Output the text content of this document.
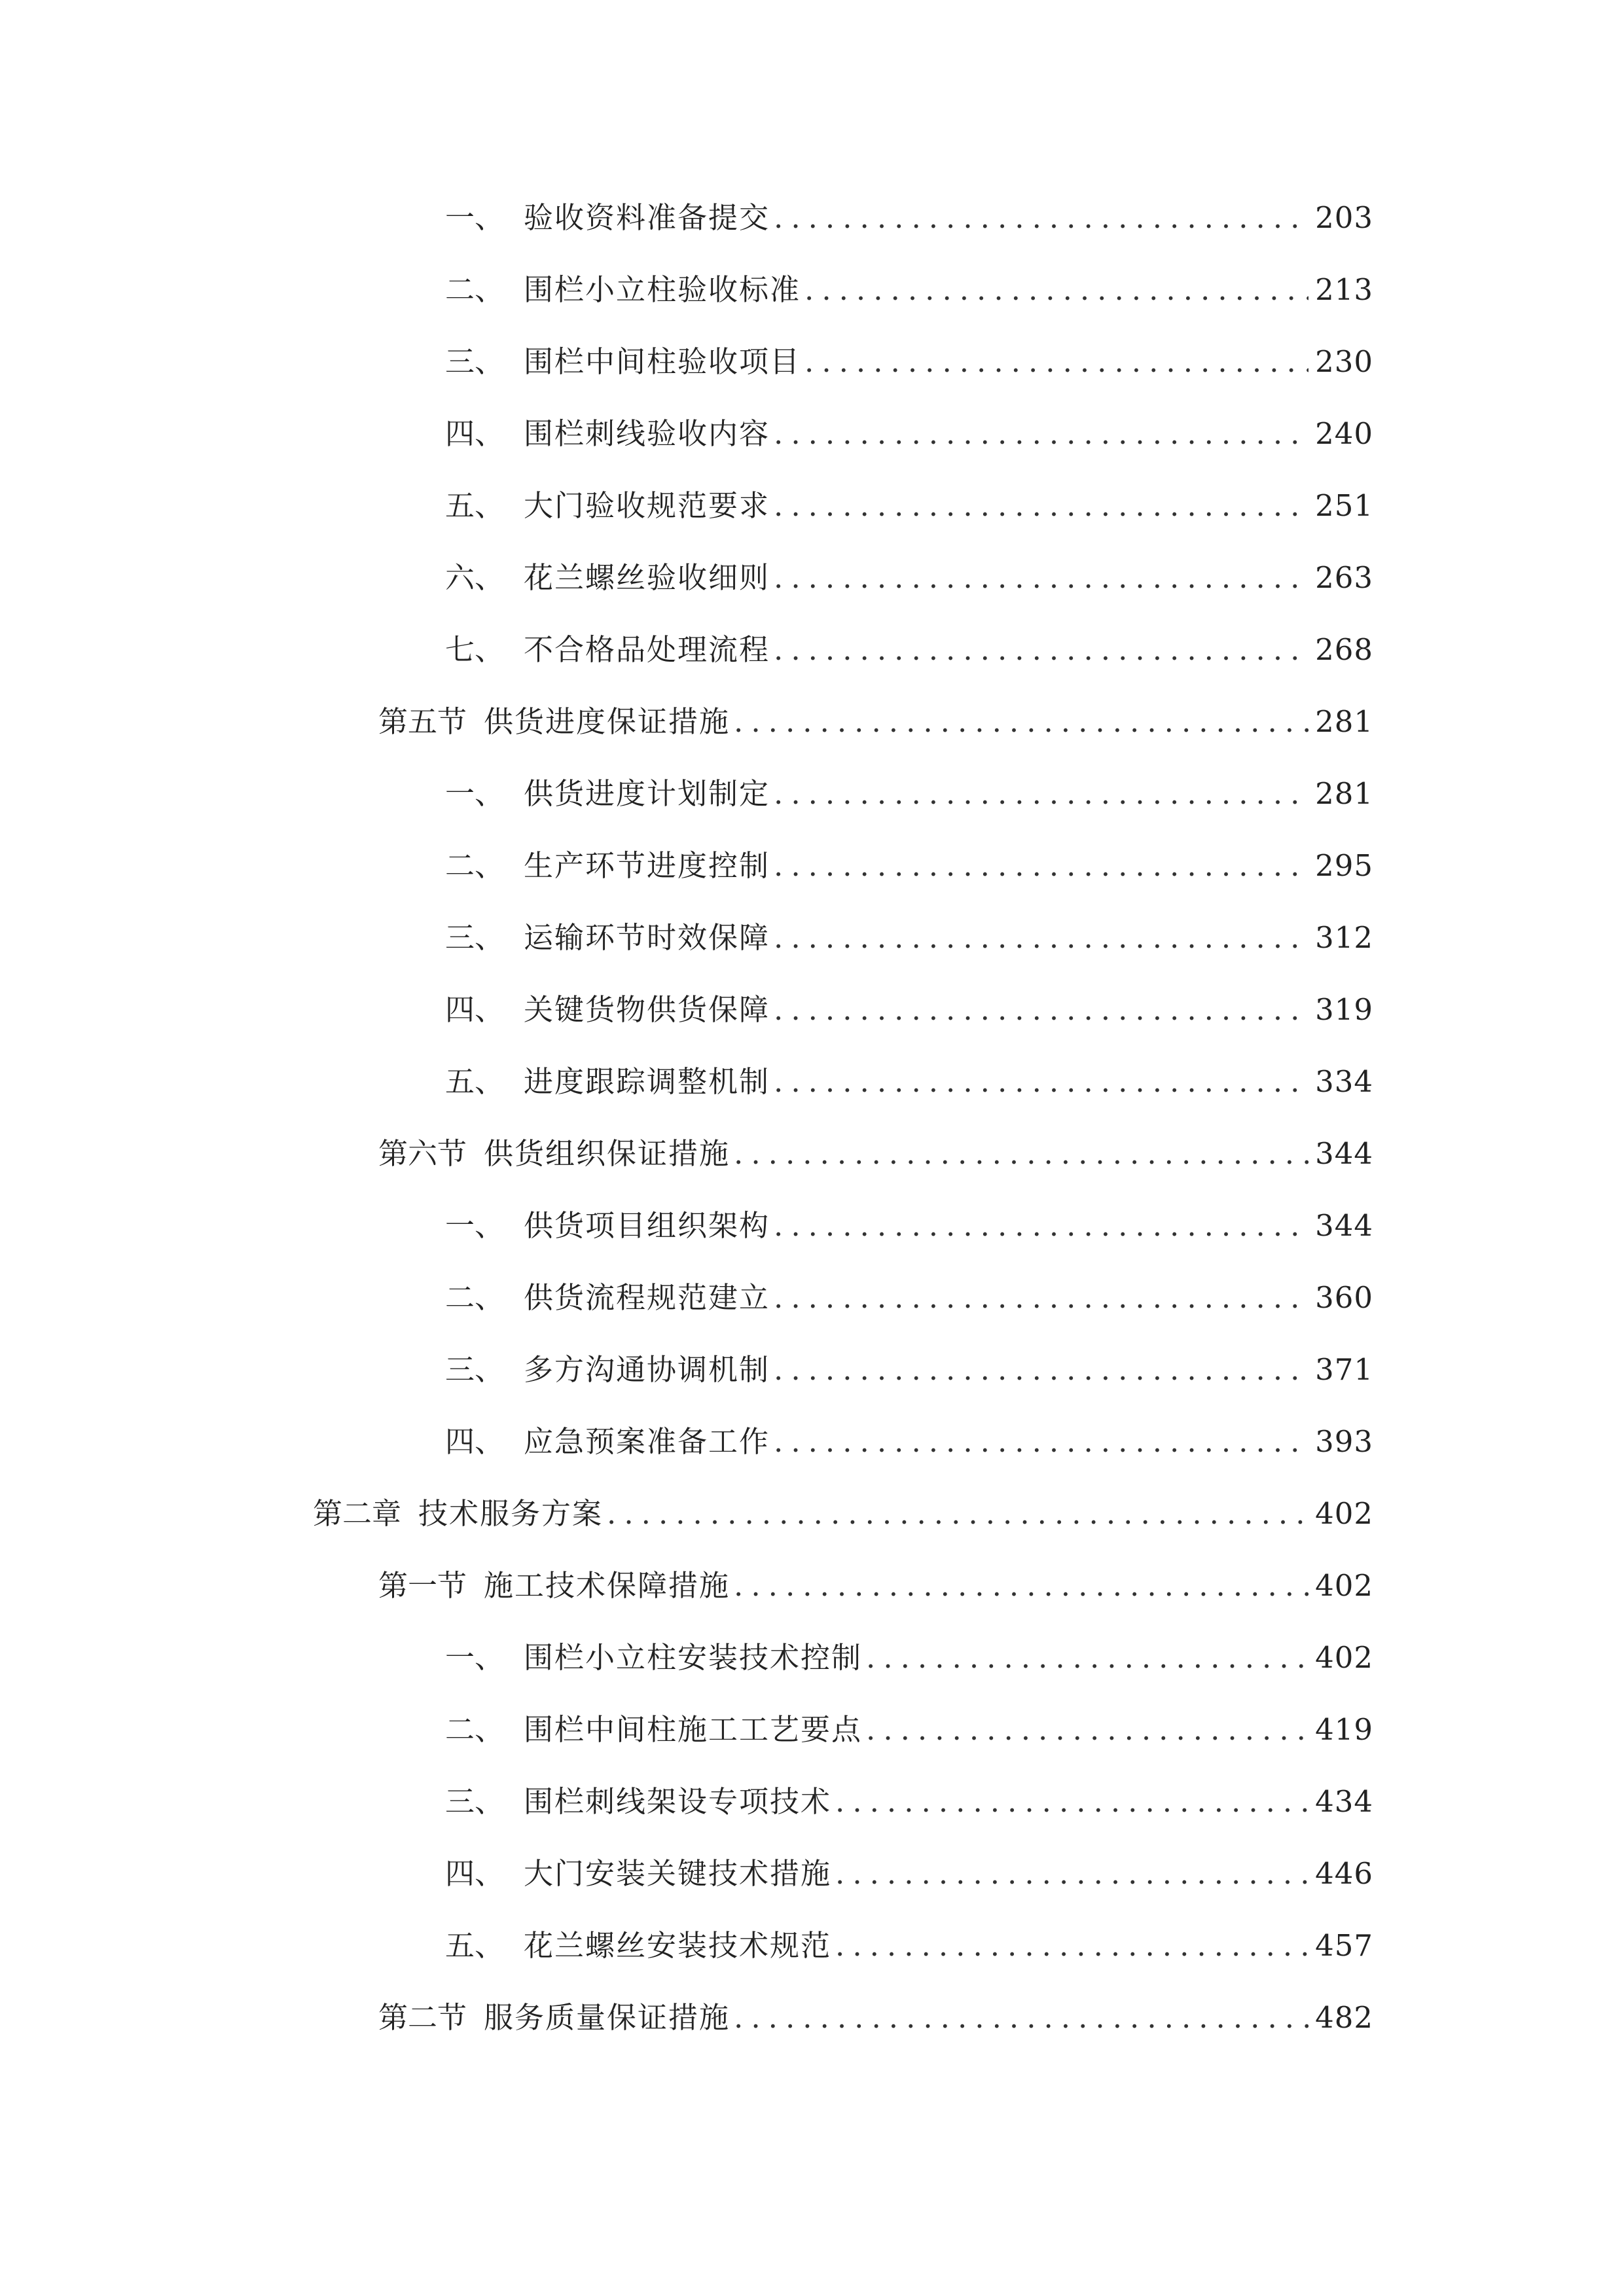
一、 验收资料准备提交 .....	203
二、 围栏小立柱验收标准 .....	213
三、 围栏中间柱验收项目 .....	230
四、 围栏刺线验收内容 .....	240
五、 大门验收规范要求 .....	251
六、 花兰螺丝验收细则 .....	263
七、 不合格品处理流程 .....	268
第五节 供货进度保证措施 .....	281
一、 供货进度计划制定 .....	281
二、 生产环节进度控制 .....	295
三、 运输环节时效保障 .....	312
四、 关键货物供货保障 .....	319
五、 进度跟踪调整机制 .....	334
第六节 供货组织保证措施 .....	344
一、 供货项目组织架构 .....	344
二、 供货流程规范建立 .....	360
三、 多方沟通协调机制 .....	371
四、 应急预案准备工作 .....	393
第二章 技术服务方案 .....	402
第一节 施工技术保障措施 .....	402
一、 围栏小立柱安装技术控制 .....	402
二、 围栏中间柱施工工艺要点 .....	419
三、 围栏刺线架设专项技术 .....	434
四、 大门安装关键技术措施 .....	446
五、 花兰螺丝安装技术规范 .....	457
第二节 服务质量保证措施 .....	482
